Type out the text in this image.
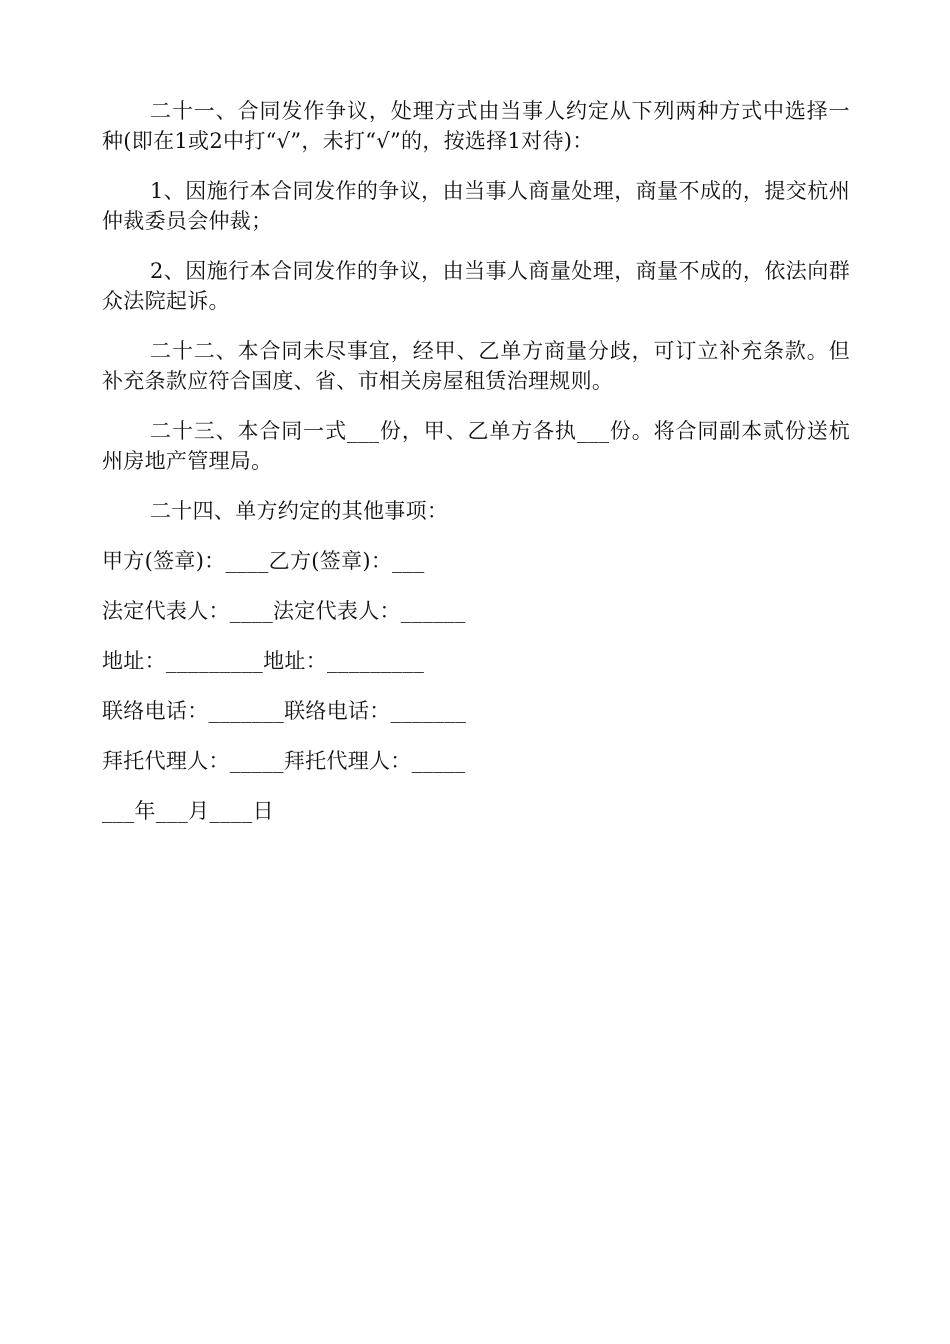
二十一、合同发作争议，处理方式由当事人约定从下列两种方式中选择一种(即在1或2中打“√”，未打“√”的，按选择1对待)：

1、因施行本合同发作的争议，由当事人商量处理，商量不成的，提交杭州仲裁委员会仲裁；

2、因施行本合同发作的争议，由当事人商量处理，商量不成的，依法向群众法院起诉。

二十二、本合同未尽事宜，经甲、乙单方商量分歧，可订立补充条款。但补充条款应符合国度、省、市相关房屋租赁治理规则。

二十三、本合同一式___份，甲、乙单方各执___份。将合同副本贰份送杭州房地产管理局。

二十四、单方约定的其他事项：

甲方(签章)：____乙方(签章)：___
法定代表人：____法定代表人：______
地址：_________地址：_________
联络电话：_______联络电话：_______
拜托代理人：_____拜托代理人：_____
___年___月____日
